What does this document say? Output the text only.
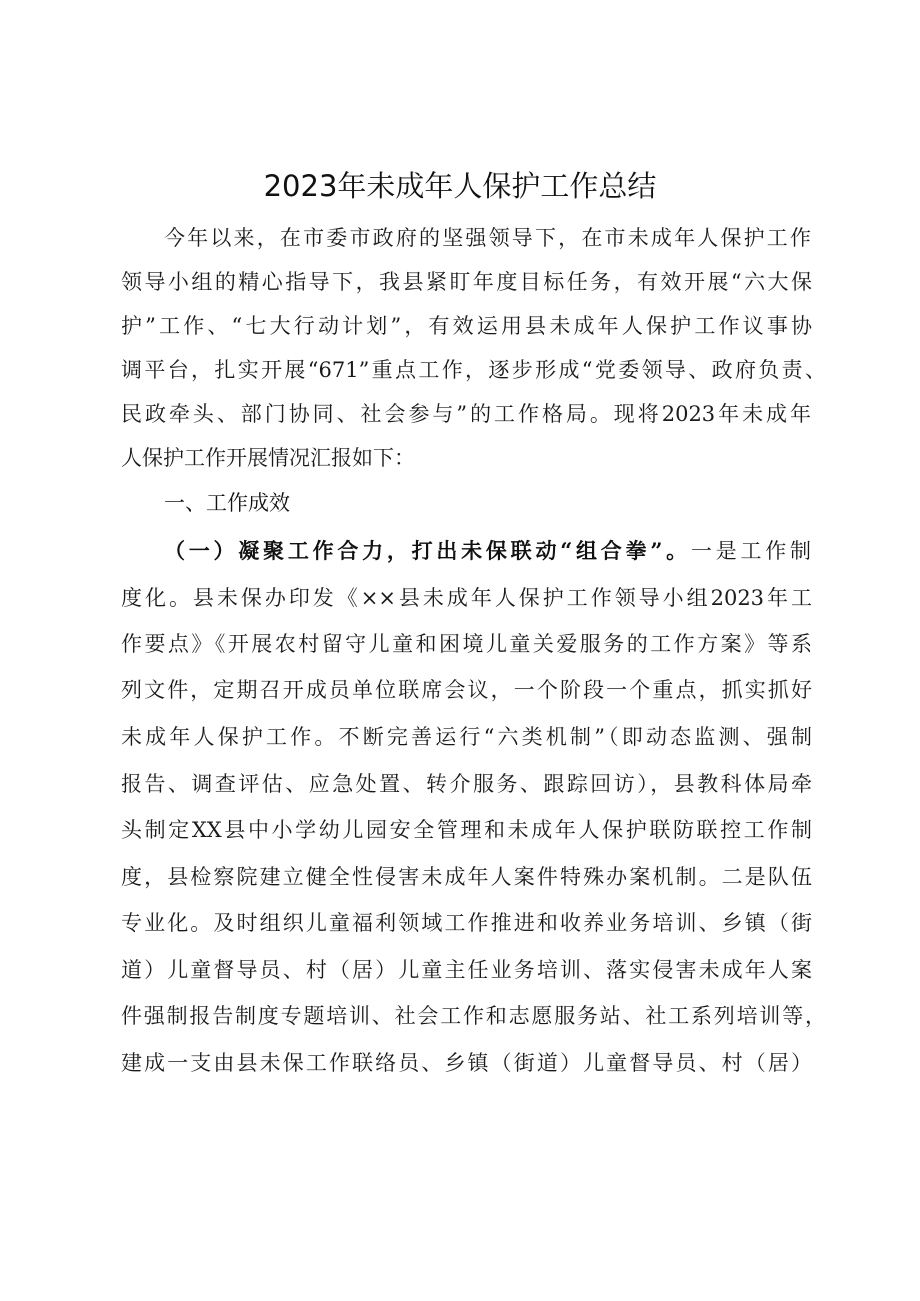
2023年未成年人保护工作总结
今年以来，在市委市政府的坚强领导下，在市未成年人保护工作
领导小组的精心指导下，我县紧盯年度目标任务，有效开展“六大保
护”工作、“七大行动计划”，有效运用县未成年人保护工作议事协
调平台，扎实开展“671”重点工作，逐步形成“党委领导、政府负责、
民政牵头、部门协同、社会参与”的工作格局。现将2023年未成年
人保护工作开展情况汇报如下：
一、工作成效
（一）凝聚工作合力，打出未保联动“组合拳”。一是工作制
度化。县未保办印发《××县未成年人保护工作领导小组2023年工
作要点》《开展农村留守儿童和困境儿童关爱服务的工作方案》等系
列文件，定期召开成员单位联席会议，一个阶段一个重点，抓实抓好
未成年人保护工作。不断完善运行“六类机制”（即动态监测、强制
报告、调查评估、应急处置、转介服务、跟踪回访），县教科体局牵
头制定XX县中小学幼儿园安全管理和未成年人保护联防联控工作制
度，县检察院建立健全性侵害未成年人案件特殊办案机制。二是队伍
专业化。及时组织儿童福利领域工作推进和收养业务培训、乡镇（街
道）儿童督导员、村（居）儿童主任业务培训、落实侵害未成年人案
件强制报告制度专题培训、社会工作和志愿服务站、社工系列培训等，
建成一支由县未保工作联络员、乡镇（街道）儿童督导员、村（居）
